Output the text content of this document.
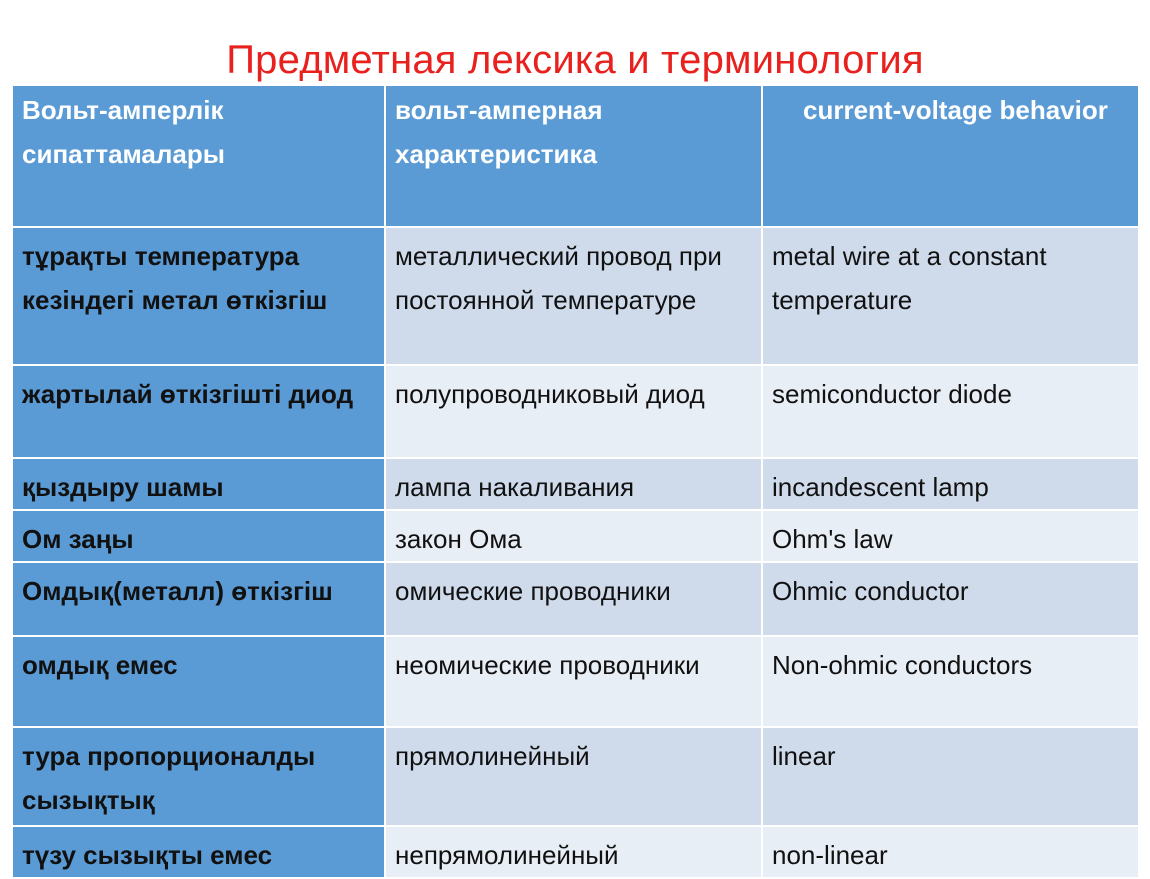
Предметная лексика и терминология
Вольт-амперлік сипаттамалары	вольт-амперная характеристика	current-voltage behavior
тұрақты температура кезіндегі метал өткізгіш	металлический провод при постоянной температуре	metal wire at a constant temperature
жартылай өткізгішті диод	полупроводниковый диод	semiconductor diode
қыздыру шамы	лампа накаливания	incandescent lamp
Ом заңы	закон Ома	Ohm's law
Омдық(металл) өткізгіш	омические проводники	Ohmic conductor
омдық емес	неомические проводники	Non-ohmic conductors
тура пропорционалды сызықтық	прямолинейный	linear
түзу сызықты емес	непрямолинейный	non-linear
